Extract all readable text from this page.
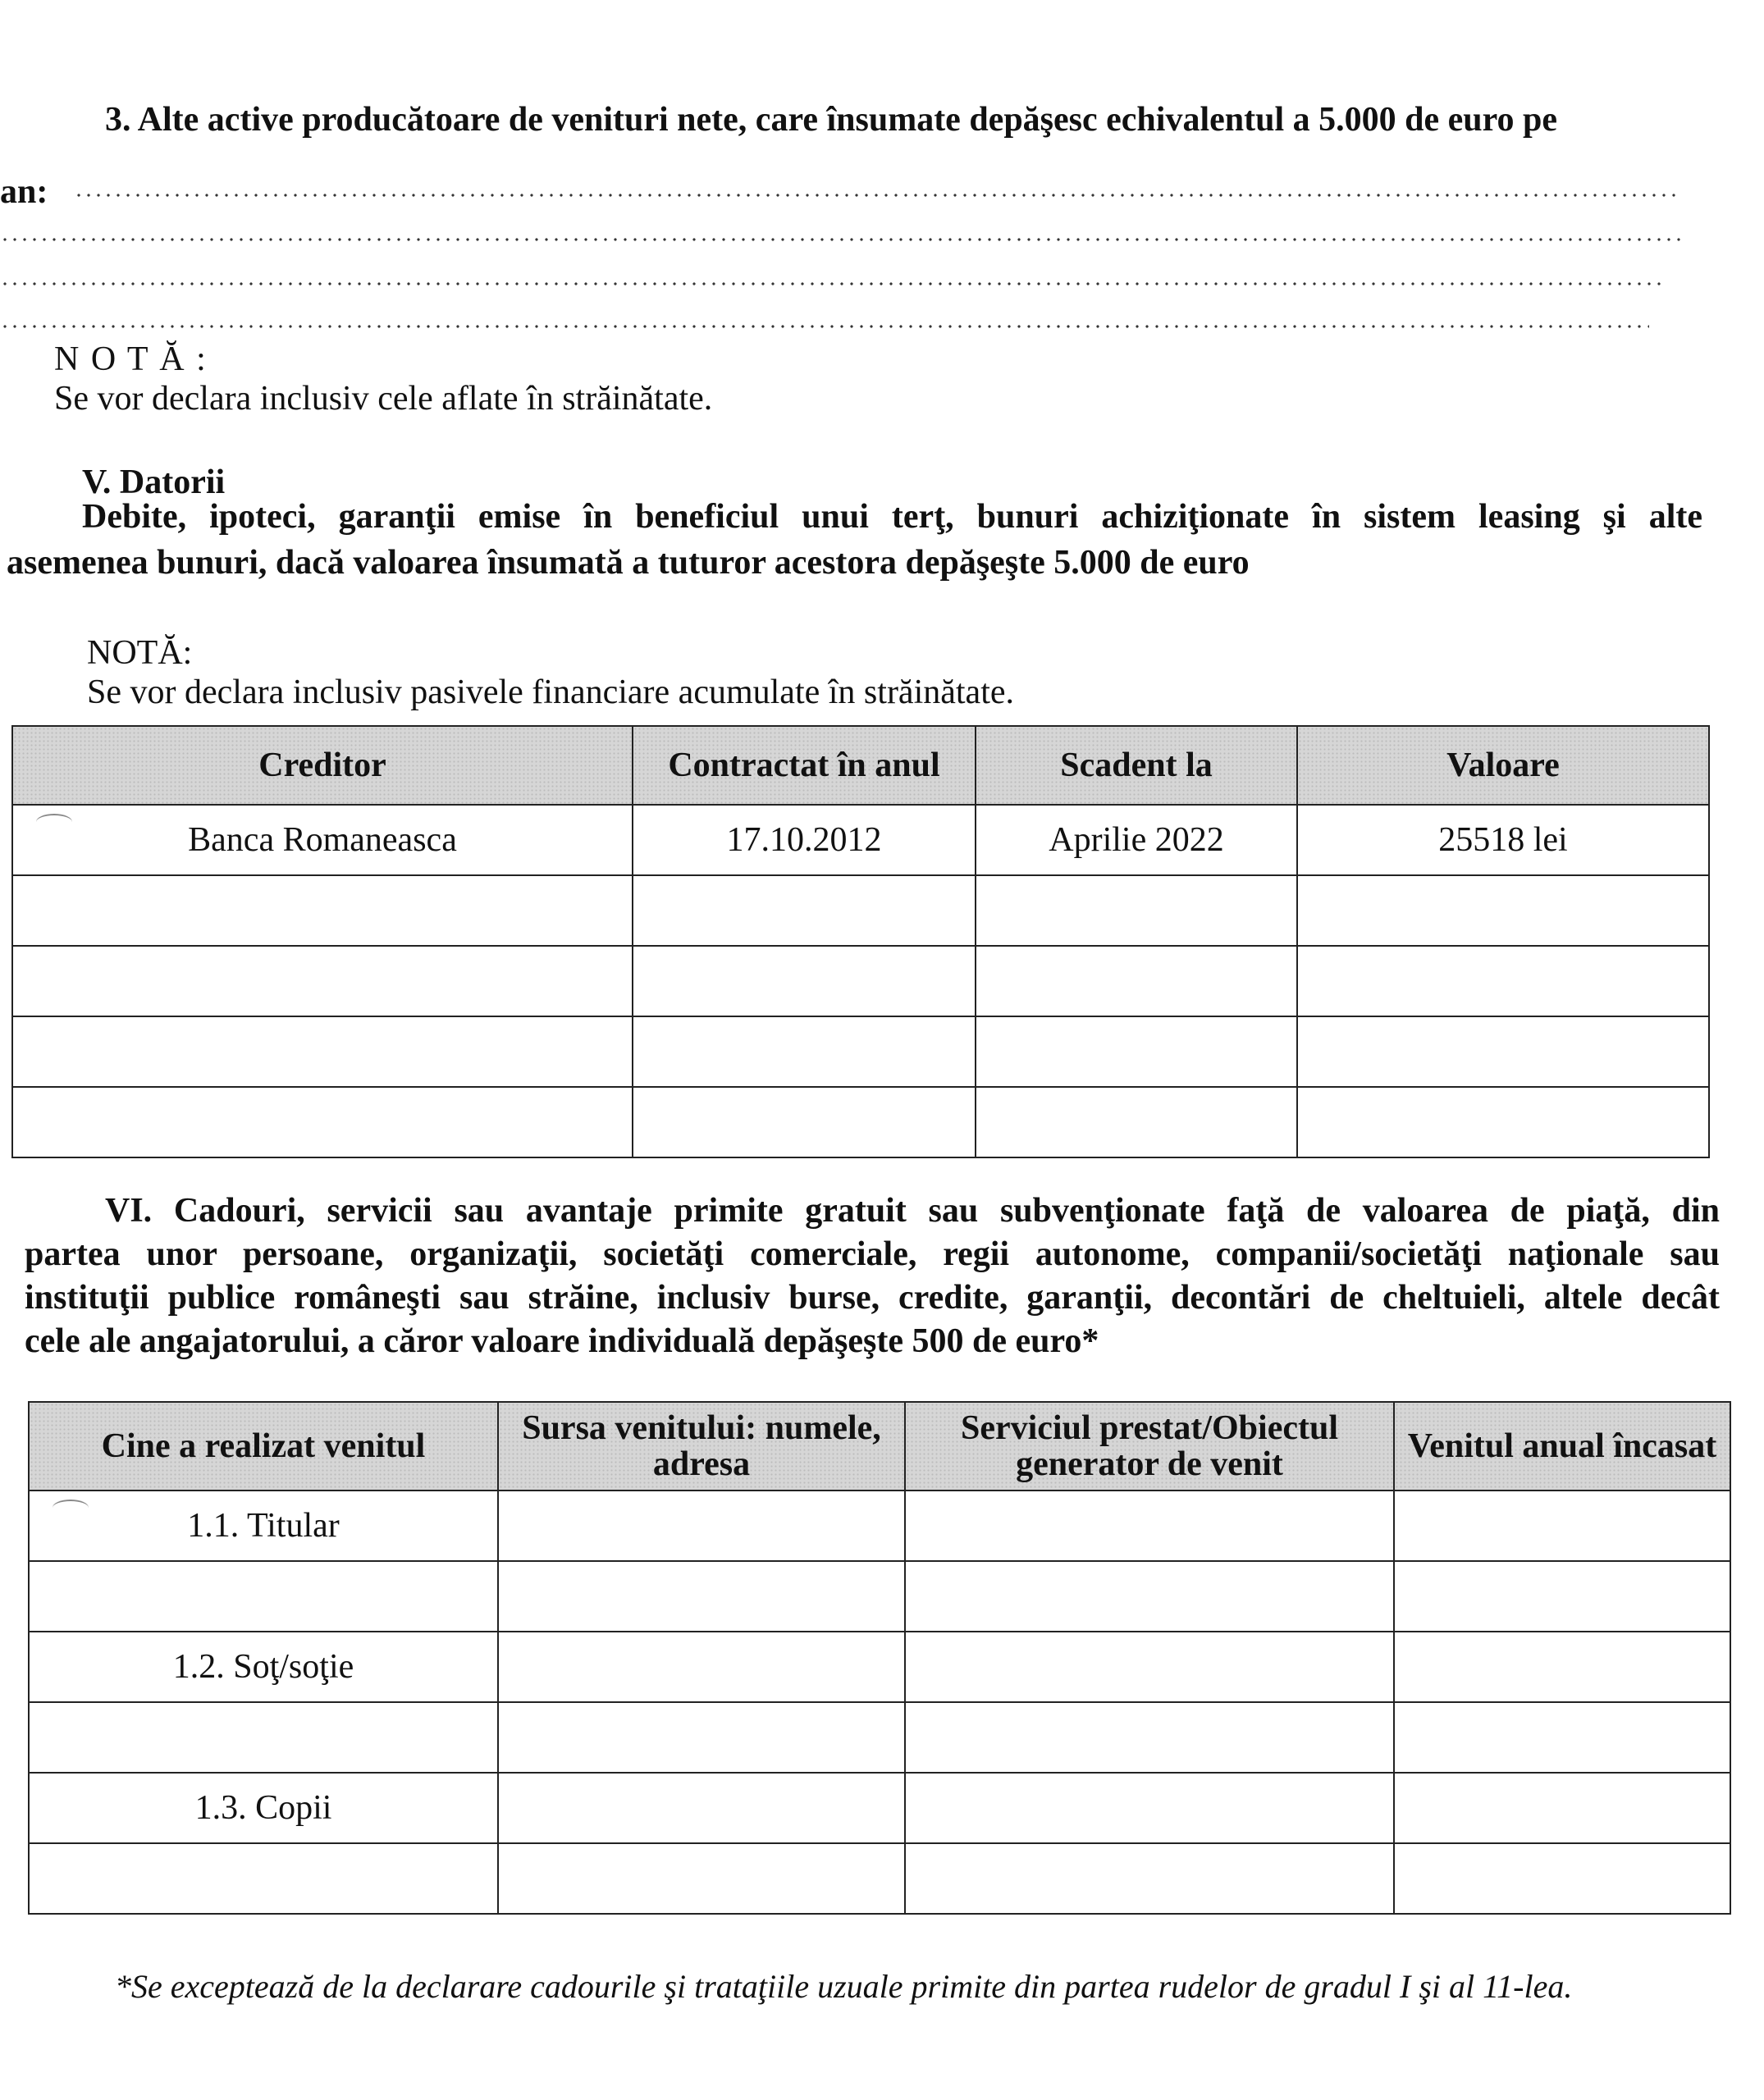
3. Alte active producătoare de venituri nete, care însumate depăşesc echivalentul a 5.000 de euro pe
an:
N O T Ă :
Se vor declara inclusiv cele aflate în străinătate.
V. Datorii
Debite, ipoteci, garanţii emise în beneficiul unui terţ, bunuri achiziţionate în sistem leasing şi alte
asemenea bunuri, dacă valoarea însumată a tuturor acestora depăşeşte 5.000 de euro
NOTĂ:
Se vor declara inclusiv pasivele financiare acumulate în străinătate.
Creditor	Contractat în anul	Scadent la	Valoare

Banca Romaneasca	17.10.2012	Aprilie 2022	25518 lei

VI. Cadouri, servicii sau avantaje primite gratuit sau subvenţionate faţă de valoarea de piaţă, din
partea unor persoane, organizaţii, societăţi comerciale, regii autonome, companii/societăţi naţionale sau
instituţii publice româneşti sau străine, inclusiv burse, credite, garanţii, decontări de cheltuieli, altele decât
cele ale angajatorului, a căror valoare individuală depăşeşte 500 de euro*
Cine a realizat venitul	Sursa venitului: numele, adresa	Serviciul prestat/Obiectul generator de venit	Venitul anual încasat

1.1. Titular			

1.2. Soţ/soţie			

1.3. Copii			

*Se exceptează de la declarare cadourile şi trataţiile uzuale primite din partea rudelor de gradul I şi al 11-lea.
